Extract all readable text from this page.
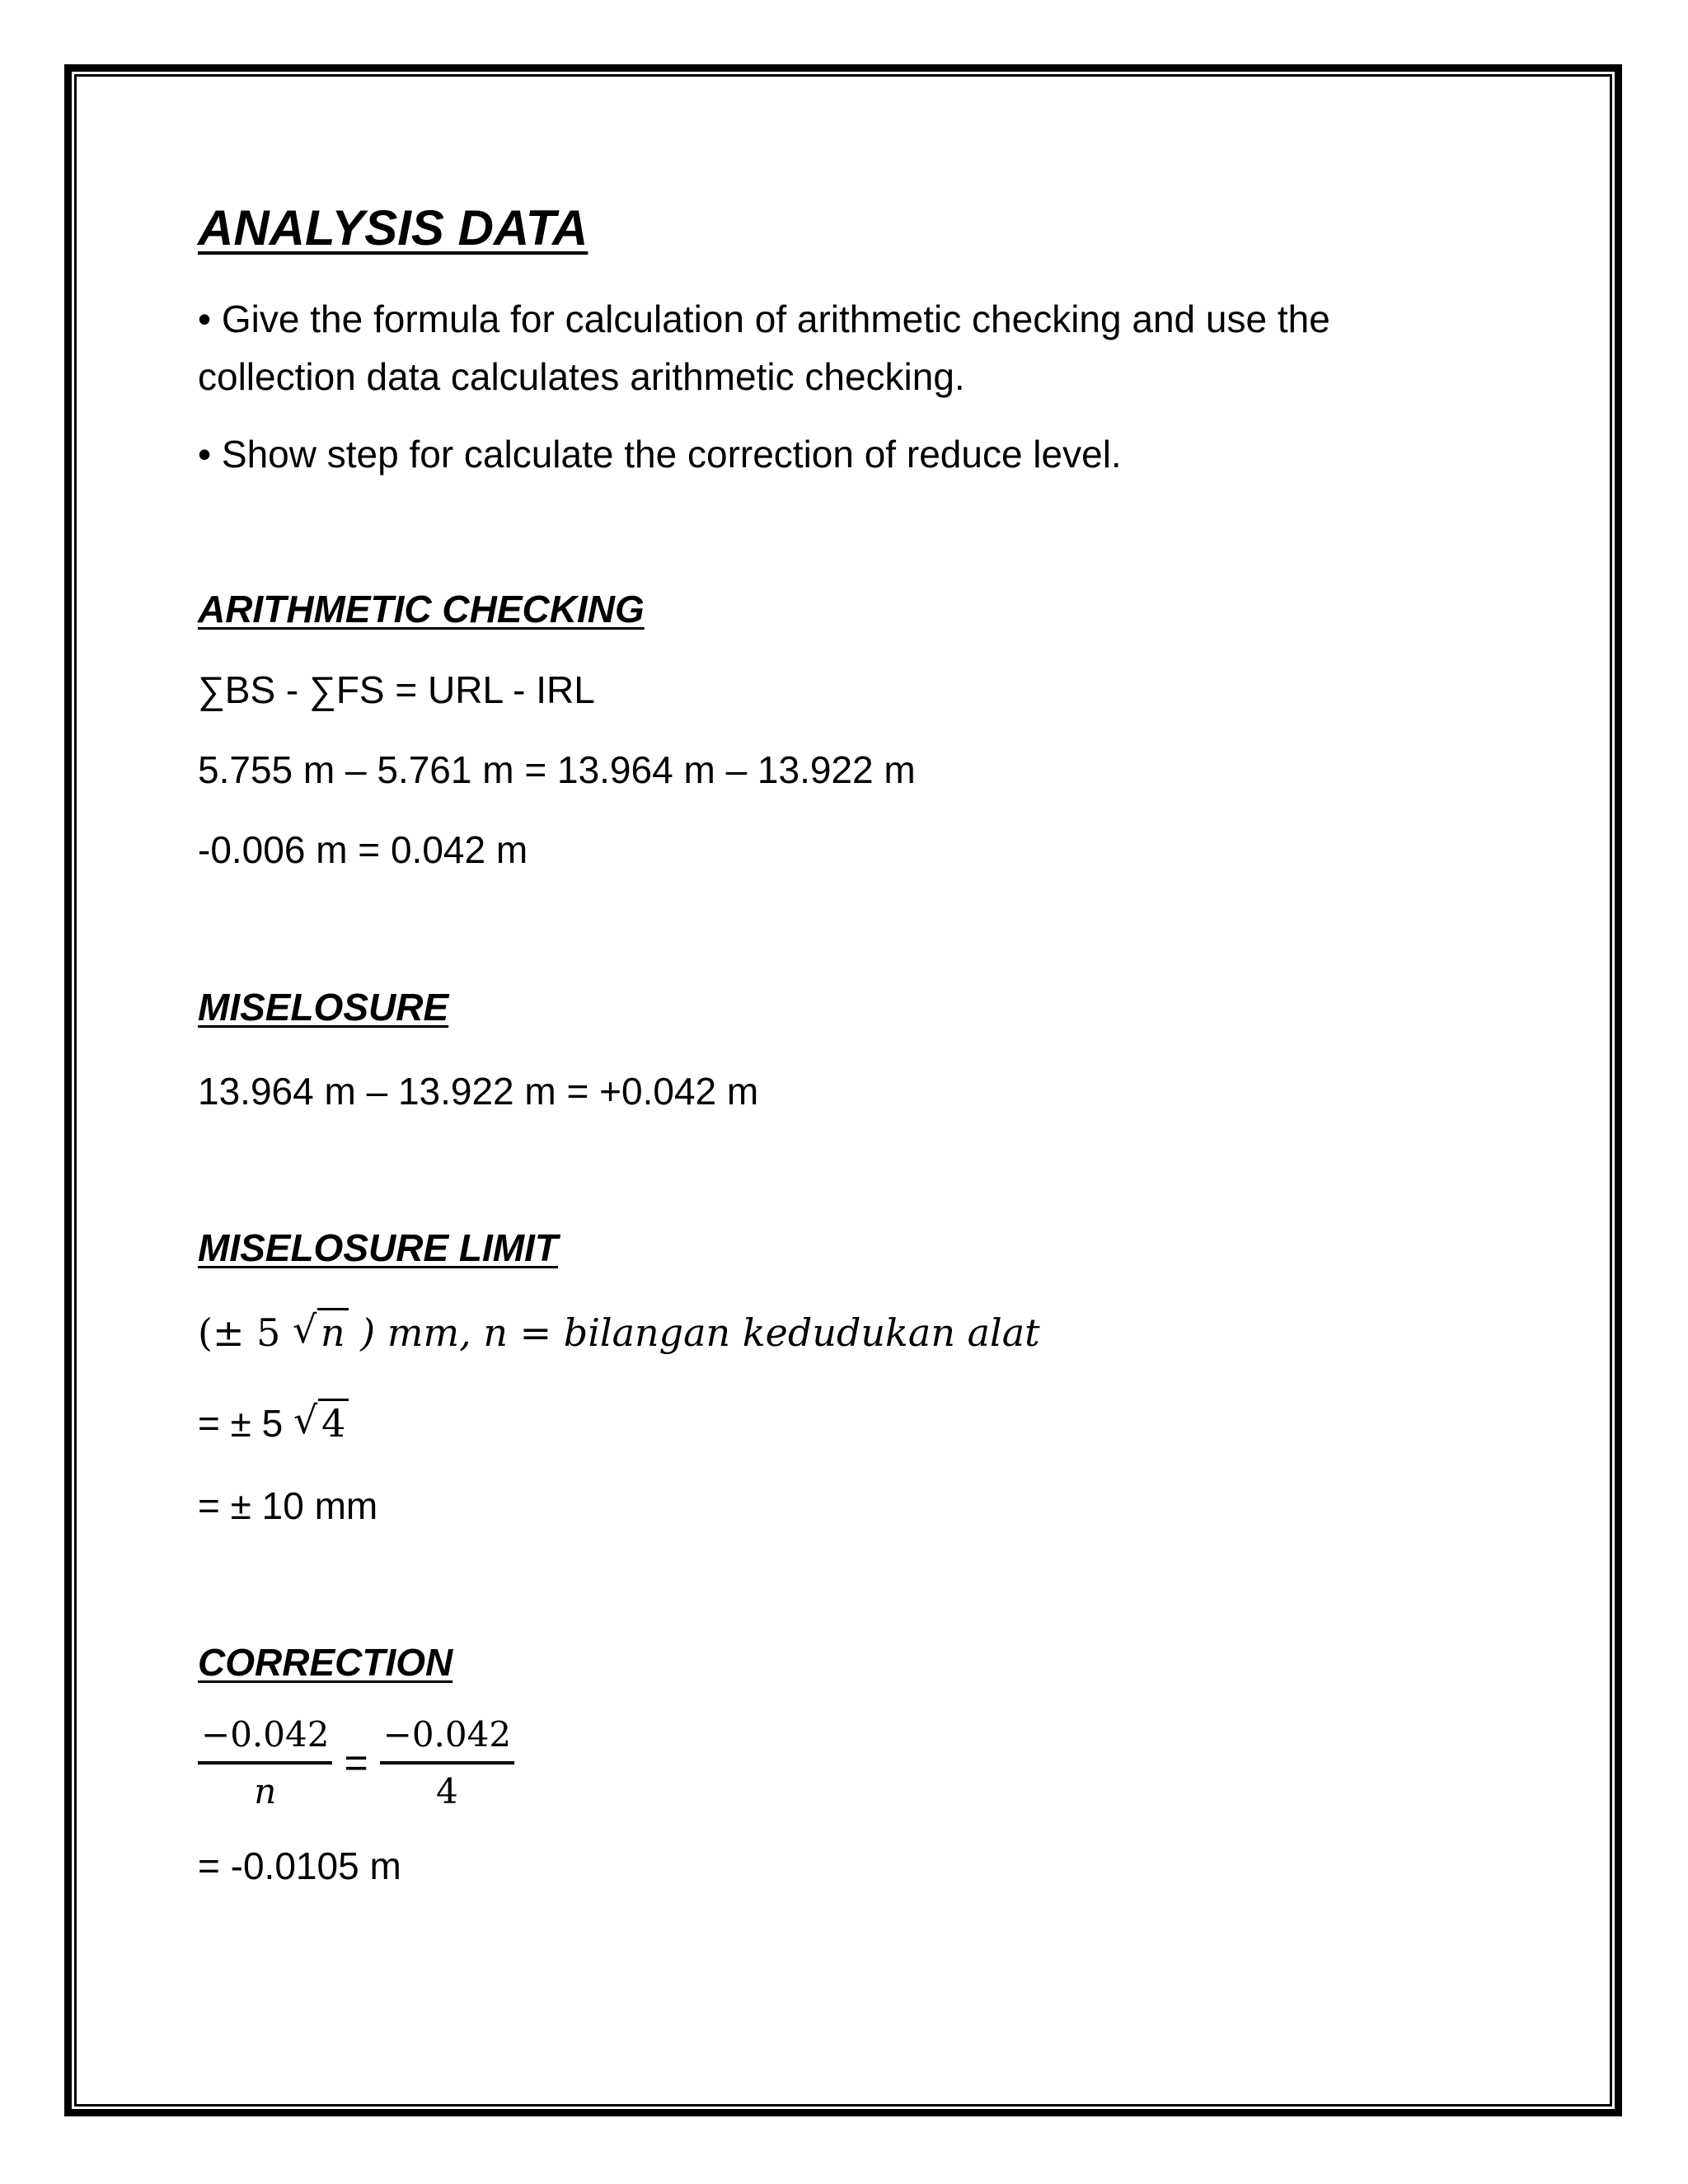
ANALYSIS DATA
• Give the formula for calculation of arithmetic checking and use the collection data calculates arithmetic checking.
• Show step for calculate the correction of reduce level.
ARITHMETIC CHECKING
∑BS - ∑FS = URL - IRL
5.755 m – 5.761 m = 13.964 m – 13.922 m
-0.006 m = 0.042 m
MISELOSURE
13.964 m – 13.922 m = +0.042 m
MISELOSURE LIMIT
(± 5 √ n ) mm, n = bilangan kedudukan alat
= ± 5 √ 4
= ± 10 mm
CORRECTION
$\frac{-0.042}{n} = \frac{-0.042}{4}$
= -0.0105 m
